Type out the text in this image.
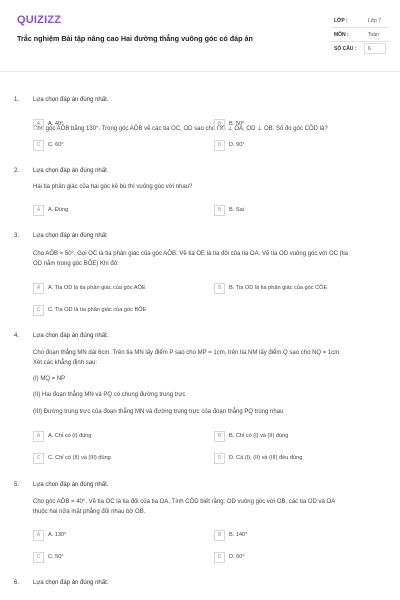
QUIZIZZ
Trắc nghiệm Bài tập nâng cao Hai đường thẳng vuông góc có đáp án
LỚP :	Lớp 7
MÔN :	Toán
SỐ CÂU :	6
1. Lựa chọn đáp án đúng nhất.
Cho góc AÔB bằng 130°. Trong góc AÔB vẽ các tia OC, OD sao cho OC ⊥ OA, OD ⊥ OB. Số đo góc CÔD là?
A	A. 40°	B	B. 50°
C	C. 60°	D	D. 90°
2. Lựa chọn đáp án đúng nhất
Hai tia phân giác của hai góc kề bù thì vuông góc với nhau?
A	A. Đúng	B	B. Sai
3. Lựa chọn đáp án đúng nhất
Cho AÔB = 50°. Gọi OC là tia phân giác của góc AÔB. Vẽ tia OE là tia đối của tia OA. Vẽ tia OD vuông góc với OC (tia
OD nằm trong góc BÔE) Khi đó:
A	A. Tia OD là tia phân giác của góc AÔE	B	B. Tia OD là tia phân giác của góc CÔE
C	C. Tia OD là tia phân giác của góc BÔE
4. Lựa chọn đáp án đúng nhất.
Cho đoạn thẳng MN dài 6cm. Trên tia MN lấy điểm P sao cho MP = 1cm, trên tia NM lấy điểm Q sao cho NQ = 1cm.
Xét các khẳng định sau:
(I) MQ = NP
(II) Hai đoạn thẳng MN và PQ có chung đường trung trực
(III) Đường trung trực của đoạn thẳng MN và đường trung trực của đoạn thẳng PQ trùng nhau
A	A. Chỉ có (I) đúng	B	B. Chỉ có (I) và (II) đúng
C	C. Chỉ có (II) và (III) đúng	D	D. Cả (I), (II) và (III) đều đúng
5. Lựa chọn đáp án đúng nhất.
Cho góc AÔB = 40°. Vẽ tia OC là tia đối của tia OA. Tính CÔD biết rằng: OD vuông góc với OB, các tia OD và OA
thuộc hai nửa mặt phẳng đối nhau bờ OB.
A	A. 130°	B	B. 140°
C	C. 50°	D	D. 60°
6. Lựa chọn đáp án đúng nhất.
